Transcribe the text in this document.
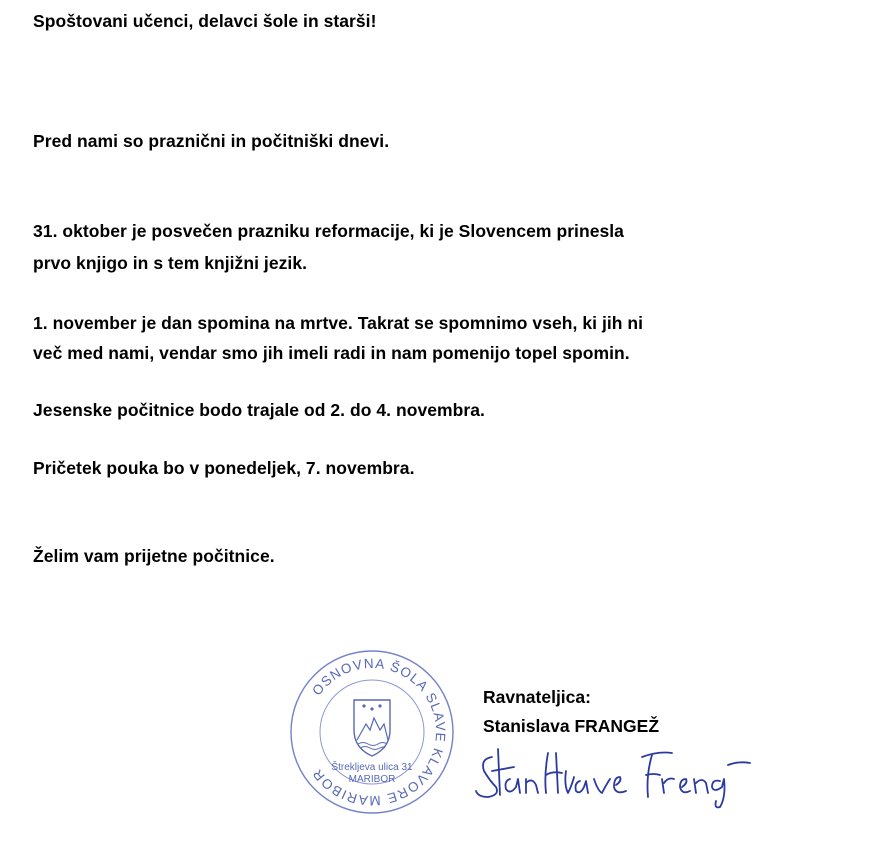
Spoštovani učenci, delavci šole in starši!
Pred nami so praznični in počitniški dnevi.
31. oktober je posvečen prazniku reformacije, ki je Slovencem prinesla
prvo knjigo in s tem knjižni jezik.
1. november je dan spomina na mrtve. Takrat se spomnimo vseh, ki jih ni
več med nami, vendar smo jih imeli radi in nam pomenijo topel spomin.
Jesenske počitnice bodo trajale od 2. do 4. novembra.
Pričetek pouka bo v ponedeljek, 7. novembra.
Želim vam prijetne počitnice.
OSNOVNA ŠOLA SLAVE KLAVORE MARIBOR Štrekljeva ulica 31
MARIBOR
Ravnateljica:
Stanislava FRANGEŽ
